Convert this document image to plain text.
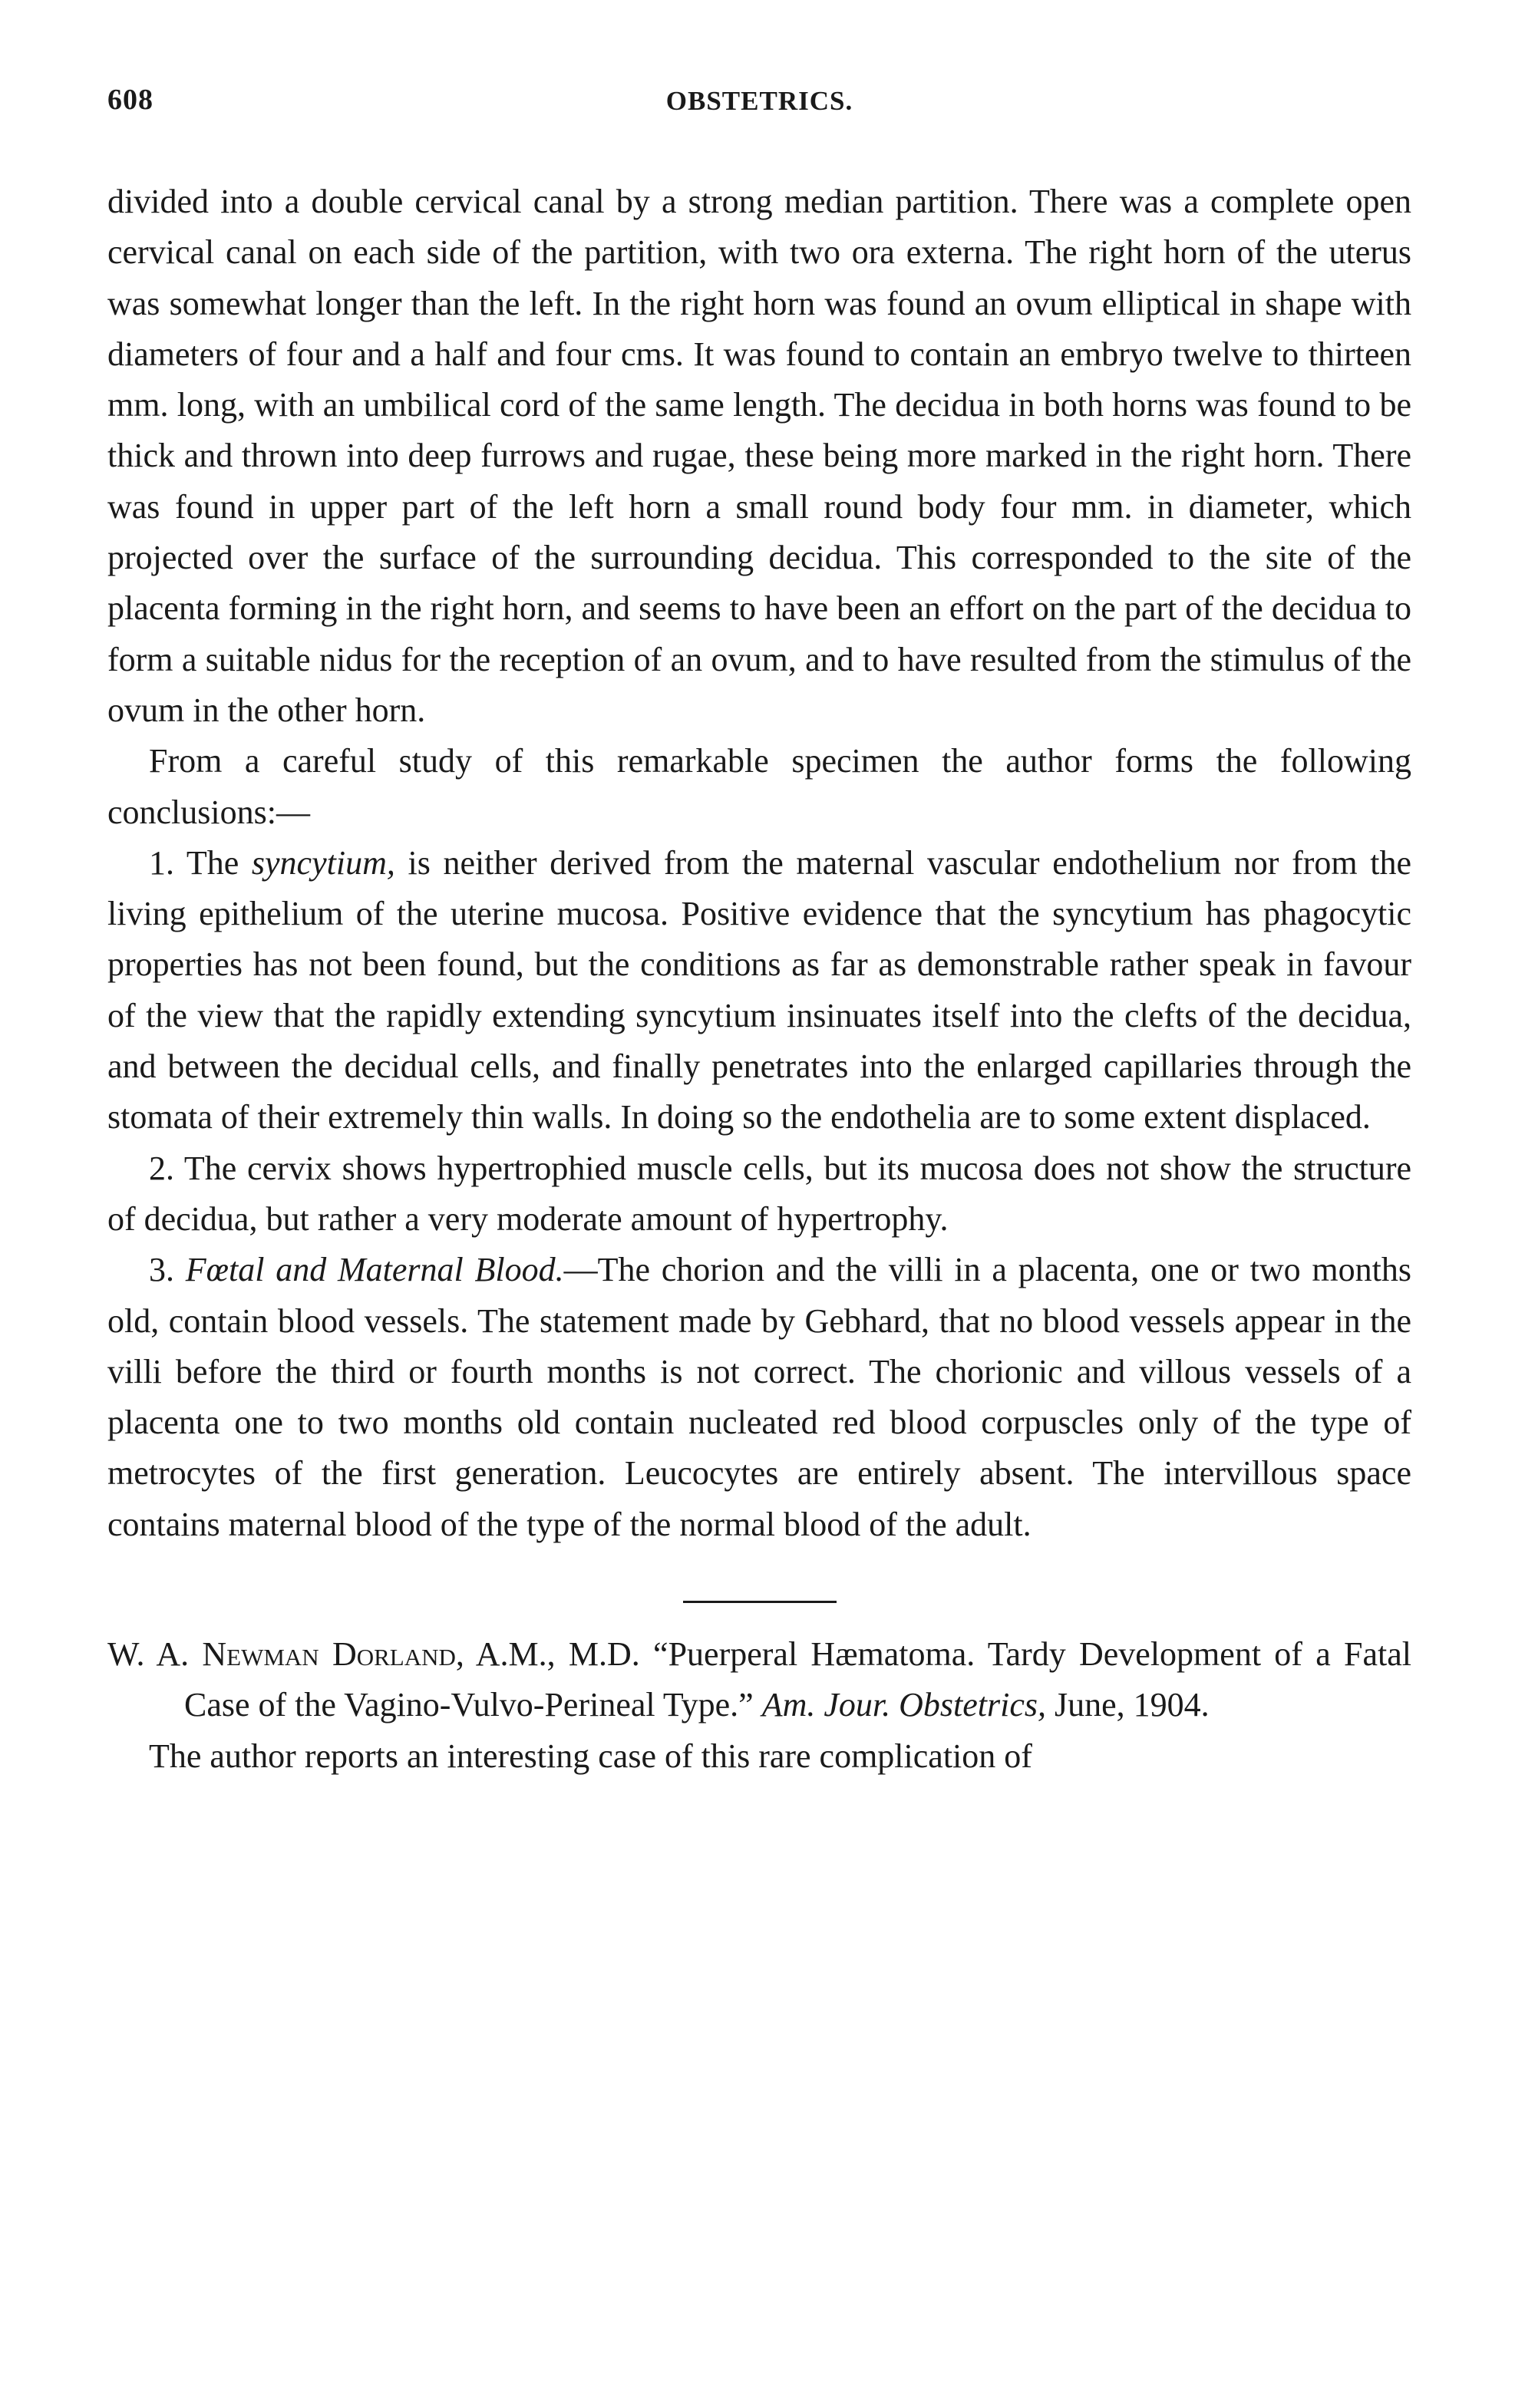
608	OBSTETRICS.

divided into a double cervical canal by a strong median partition. There was a complete open cervical canal on each side of the partition, with two ora externa. The right horn of the uterus was somewhat longer than the left. In the right horn was found an ovum elliptical in shape with diameters of four and a half and four cms. It was found to contain an embryo twelve to thirteen mm. long, with an umbilical cord of the same length. The decidua in both horns was found to be thick and thrown into deep furrows and rugae, these being more marked in the right horn. There was found in upper part of the left horn a small round body four mm. in diameter, which projected over the surface of the surrounding decidua. This corresponded to the site of the placenta forming in the right horn, and seems to have been an effort on the part of the decidua to form a suitable nidus for the reception of an ovum, and to have resulted from the stimulus of the ovum in the other horn.

From a careful study of this remarkable specimen the author forms the following conclusions:—

1. The syncytium, is neither derived from the maternal vascular endothelium nor from the living epithelium of the uterine mucosa. Positive evidence that the syncytium has phagocytic properties has not been found, but the conditions as far as demonstrable rather speak in favour of the view that the rapidly extending syncytium insinuates itself into the clefts of the decidua, and between the decidual cells, and finally penetrates into the enlarged capillaries through the stomata of their extremely thin walls. In doing so the endothelia are to some extent displaced.

2. The cervix shows hypertrophied muscle cells, but its mucosa does not show the structure of decidua, but rather a very moderate amount of hypertrophy.

3. Fœtal and Maternal Blood.—The chorion and the villi in a placenta, one or two months old, contain blood vessels. The statement made by Gebhard, that no blood vessels appear in the villi before the third or fourth months is not correct. The chorionic and villous vessels of a placenta one to two months old contain nucleated red blood corpuscles only of the type of metrocytes of the first generation. Leucocytes are entirely absent. The intervillous space contains maternal blood of the type of the normal blood of the adult.

W. A. Newman Dorland, A.M., M.D. “Puerperal Hæmatoma. Tardy Development of a Fatal Case of the Vagino-Vulvo-Perineal Type.” Am. Jour. Obstetrics, June, 1904.

The author reports an interesting case of this rare complication of
